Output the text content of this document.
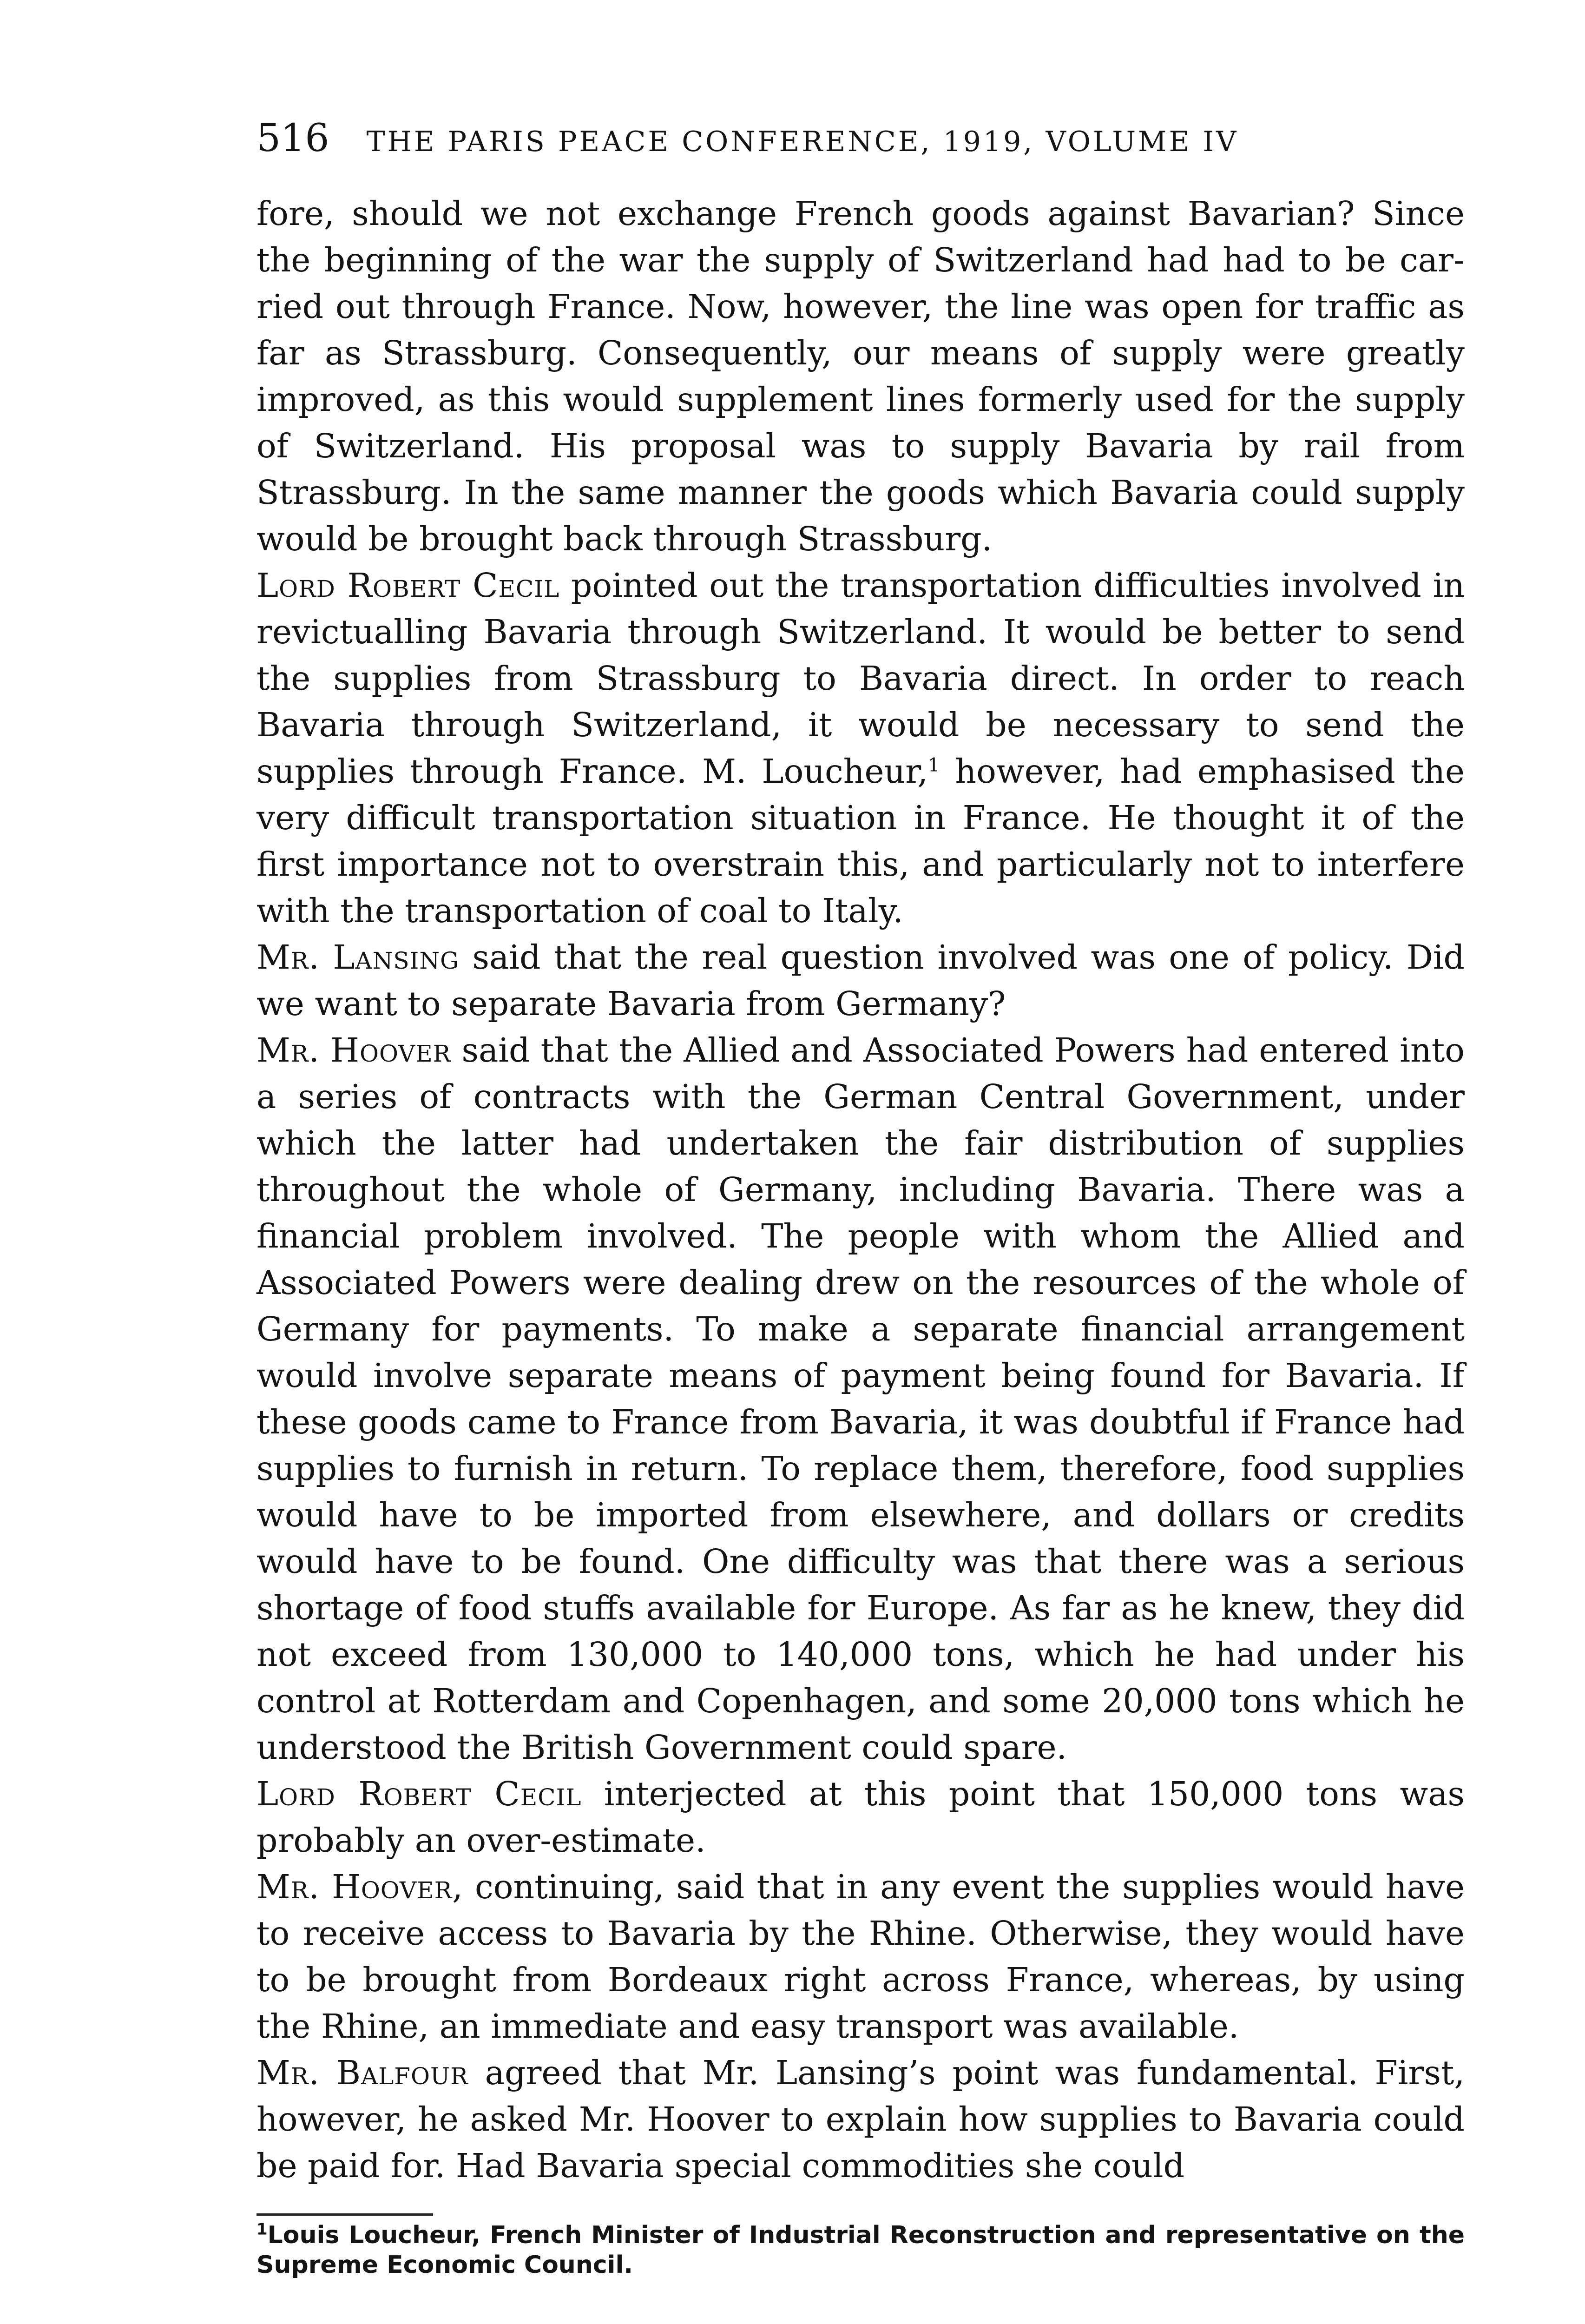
516 THE PARIS PEACE CONFERENCE, 1919, VOLUME IV

fore, should we not exchange French goods against Bavarian? Since the beginning of the war the supply of Switzerland had had to be carried out through France. Now, however, the line was open for traffic as far as Strassburg. Consequently, our means of supply were greatly improved, as this would supplement lines formerly used for the supply of Switzerland. His proposal was to supply Bavaria by rail from Strassburg. In the same manner the goods which Bavaria could supply would be brought back through Strassburg.

Lord Robert Cecil pointed out the transportation difficulties involved in revictualling Bavaria through Switzerland. It would be better to send the supplies from Strassburg to Bavaria direct. In order to reach Bavaria through Switzerland, it would be necessary to send the supplies through France. M. Loucheur,$^1$ however, had emphasised the very difficult transportation situation in France. He thought it of the first importance not to overstrain this, and particularly not to interfere with the transportation of coal to Italy.

Mr. Lansing said that the real question involved was one of policy. Did we want to separate Bavaria from Germany?

Mr. Hoover said that the Allied and Associated Powers had entered into a series of contracts with the German Central Government, under which the latter had undertaken the fair distribution of supplies throughout the whole of Germany, including Bavaria. There was a financial problem involved. The people with whom the Allied and Associated Powers were dealing drew on the resources of the whole of Germany for payments. To make a separate financial arrangement would involve separate means of payment being found for Bavaria. If these goods came to France from Bavaria, it was doubtful if France had supplies to furnish in return. To replace them, therefore, food supplies would have to be imported from elsewhere, and dollars or credits would have to be found. One difficulty was that there was a serious shortage of food stuffs available for Europe. As far as he knew, they did not exceed from 130,000 to 140,000 tons, which he had under his control at Rotterdam and Copenhagen, and some 20,000 tons which he understood the British Government could spare.

Lord Robert Cecil interjected at this point that 150,000 tons was probably an over-estimate.

Mr. Hoover, continuing, said that in any event the supplies would have to receive access to Bavaria by the Rhine. Otherwise, they would have to be brought from Bordeaux right across France, whereas, by using the Rhine, an immediate and easy transport was available.

Mr. Balfour agreed that Mr. Lansing’s point was fundamental. First, however, he asked Mr. Hoover to explain how supplies to Bavaria could be paid for. Had Bavaria special commodities she could

$^1$Louis Loucheur, French Minister of Industrial Reconstruction and representative on the Supreme Economic Council.
